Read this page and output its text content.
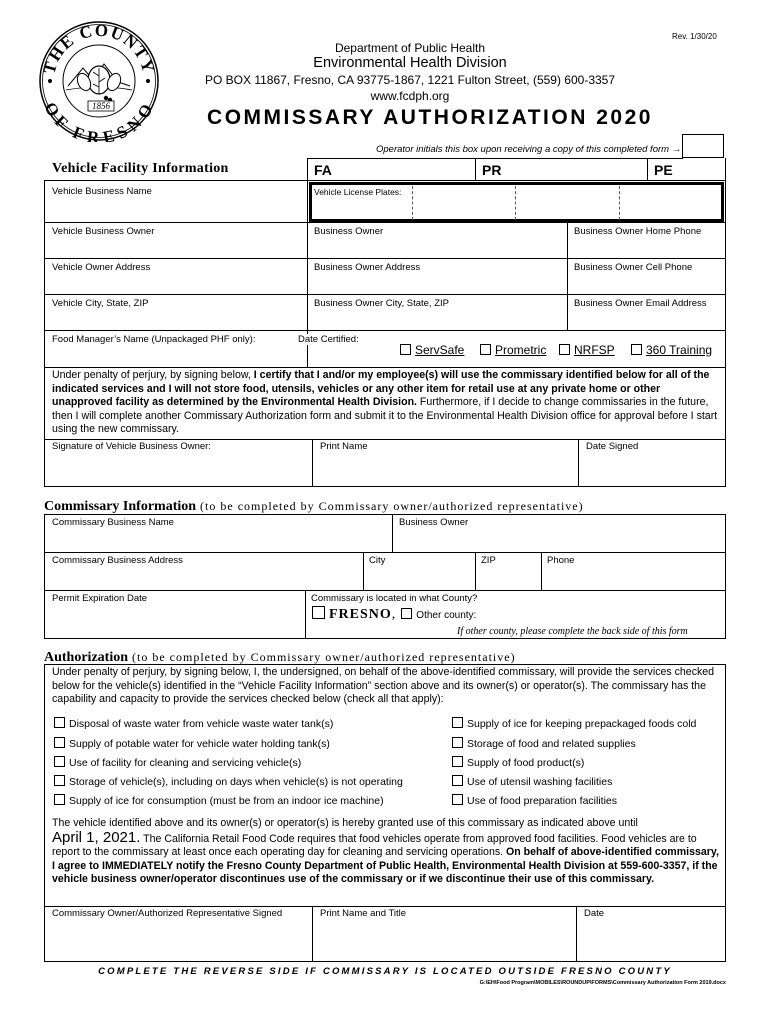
THE COUNTY
OF FRESNO
1856
Rev. 1/30/20
Department of Public Health
Environmental Health Division
PO BOX 11867, Fresno, CA 93775-1867, 1221 Fulton Street, (559) 600-3357
www.fcdph.org
COMMISSARY AUTHORIZATION 2020
Operator initials this box upon receiving a copy of this completed form →
Vehicle Facility Information	FA	PR	PE
Vehicle Business Name	Vehicle License Plates:
Vehicle Business Owner	Business Owner	Business Owner Home Phone
Vehicle Owner Address	Business Owner Address	Business Owner Cell Phone
Vehicle City, State, ZIP	Business Owner City, State, ZIP	Business Owner Email Address
Food Manager’s Name (Unpackaged PHF only):	Date Certified:
ServSafe	Prometric	NRFSP	360 Training
Under penalty of perjury, by signing below, I certify that I and/or my employee(s) will use the commissary identified below for all of the indicated services and I will not store food, utensils, vehicles or any other item for retail use at any private home or other unapproved facility as determined by the Environmental Health Division. Furthermore, if I decide to change commissaries in the future, then I will complete another Commissary Authorization form and submit it to the Environmental Health Division office for approval before I start using the new commissary.
Signature of Vehicle Business Owner:	Print Name	Date Signed
Commissary Information (to be completed by Commissary owner/authorized representative)
Commissary Business Name	Business Owner
Commissary Business Address	City	ZIP	Phone
Permit Expiration Date	Commissary is located in what County?
FRESNO, Other county:
If other county, please complete the back side of this form
Authorization (to be completed by Commissary owner/authorized representative)
Under penalty of perjury, by signing below, I, the undersigned, on behalf of the above-identified commissary, will provide the services checked below for the vehicle(s) identified in the “Vehicle Facility Information” section above and its owner(s) or operator(s). The commissary has the capability and capacity to provide the services checked below (check all that apply):
Disposal of waste water from vehicle waste water tank(s)
Supply of potable water for vehicle water holding tank(s)
Use of facility for cleaning and servicing vehicle(s)
Storage of vehicle(s), including on days when vehicle(s) is not operating
Supply of ice for consumption (must be from an indoor ice machine)
Supply of ice for keeping prepackaged foods cold
Storage of food and related supplies
Supply of food product(s)
Use of utensil washing facilities
Use of food preparation facilities
The vehicle identified above and its owner(s) or operator(s) is hereby granted use of this commissary as indicated above until
April 1, 2021. The California Retail Food Code requires that food vehicles operate from approved food facilities. Food vehicles are to report to the commissary at least once each operating day for cleaning and servicing operations. On behalf of above-identified commissary, I agree to IMMEDIATELY notify the Fresno County Department of Public Health, Environmental Health Division at 559-600-3357, if the vehicle business owner/operator discontinues use of the commissary or if we discontinue their use of this commissary.
Commissary Owner/Authorized Representative Signed	Print Name and Title	Date
COMPLETE THE REVERSE SIDE IF COMMISSARY IS LOCATED OUTSIDE FRESNO COUNTY
G:\EH\Food Program\MOBILES\ROUNDUP\FORMS\Commissary Authorization Form 2019.docx
